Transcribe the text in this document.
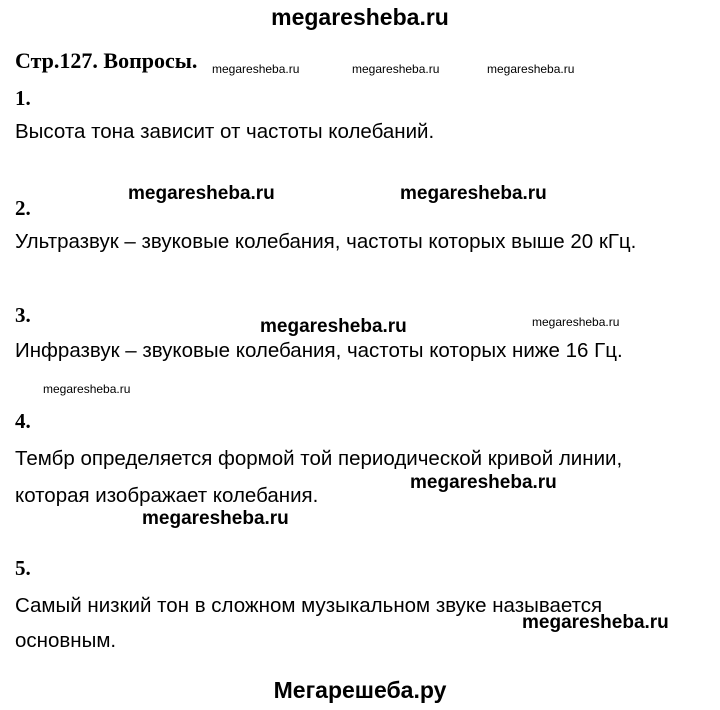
megaresheba.ru
Стр.127. Вопросы. megaresheba.ru	megaresheba.ru	megaresheba.ru
megaresheba.ru
megaresheba.ru
1.
Высота тона зависит от частоты колебаний.
megaresheba.ru	megaresheba.ru
2.
Ультразвук – звуковые колебания, частоты которых выше 20 кГц.
3.	megaresheba.ru
Инфразвук – звуковые колебания, частоты которых ниже 16 Гц.
4.
Тембр определяется формой той периодической кривой линии,
которая изображает колебания.
megaresheba.ru
megaresheba.ru
5.
Самый низкий тон в сложном музыкальном звуке называется
основным.
megaresheba.ru
Мегарешеба.ру
